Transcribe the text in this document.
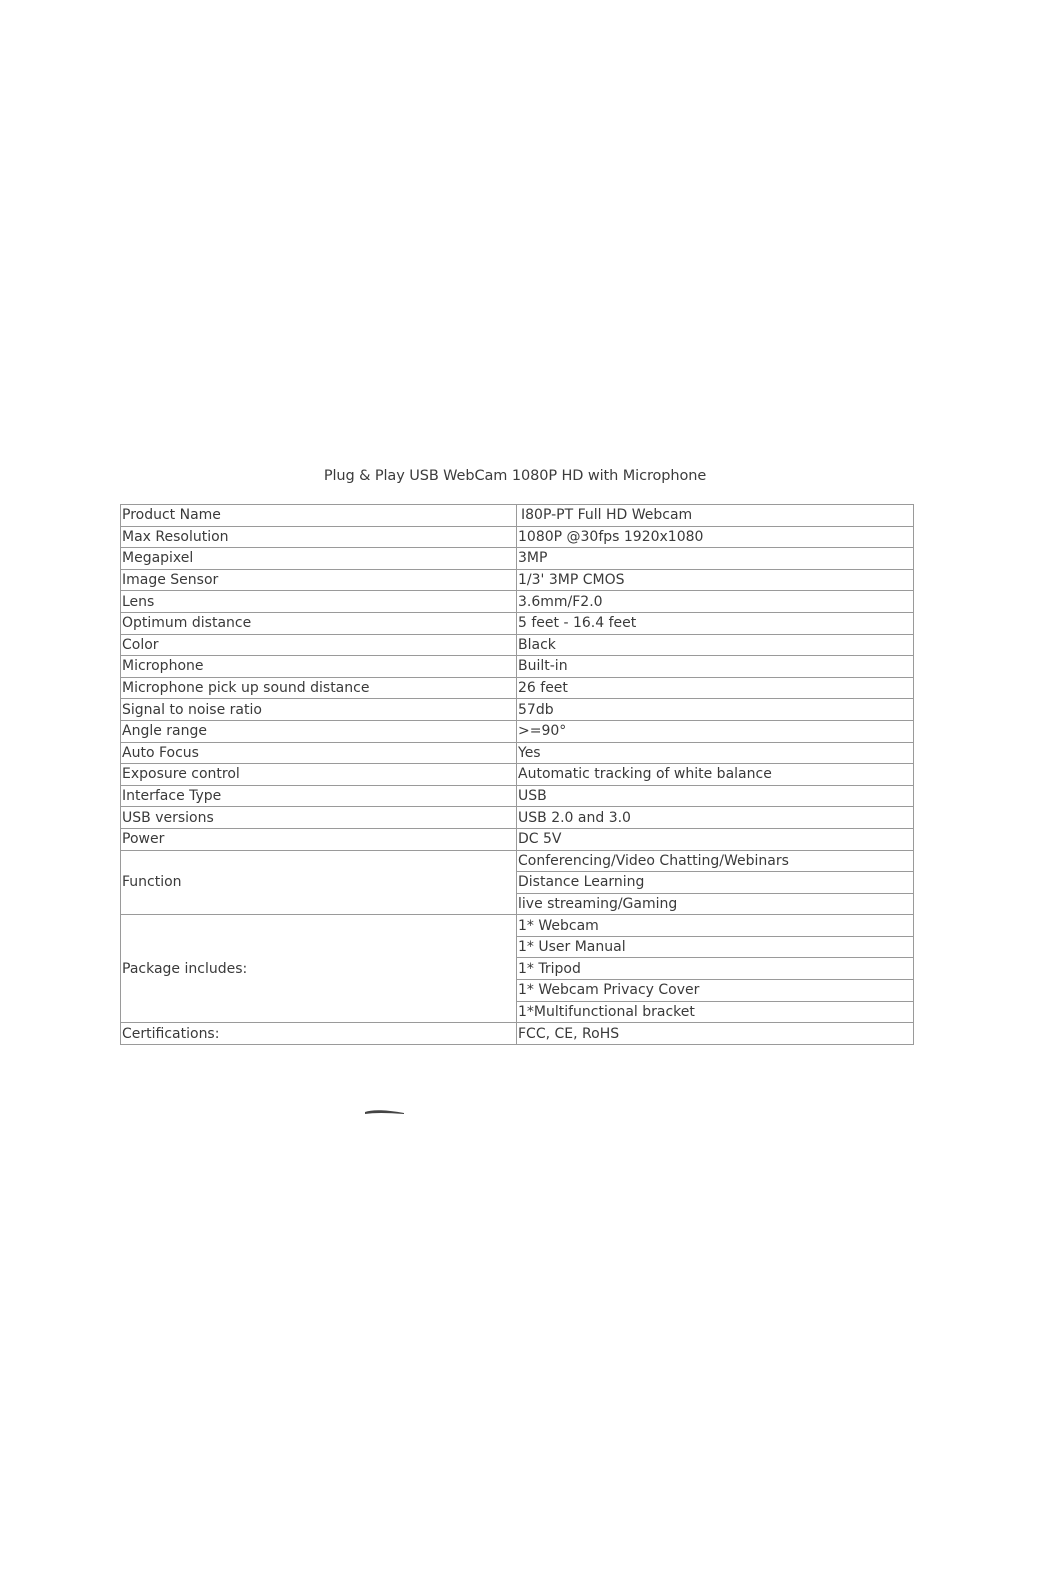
Plug & Play USB WebCam 1080P HD with Microphone
Product Name	I80P-PT Full HD Webcam
Max Resolution	1080P @30fps 1920x1080
Megapixel	3MP
Image Sensor	1/3' 3MP CMOS
Lens	3.6mm/F2.0
Optimum distance	5 feet - 16.4 feet
Color	Black
Microphone	Built-in
Microphone pick up sound distance	26 feet
Signal to noise ratio	57db
Angle range	>=90°
Auto Focus	Yes
Exposure control	Automatic tracking of white balance
Interface Type	USB
USB versions	USB 2.0 and 3.0
Power	DC 5V
Function	Conferencing/Video Chatting/Webinars
	Distance Learning
	live streaming/Gaming
Package includes:	1* Webcam
	1* User Manual
	1* Tripod
	1* Webcam Privacy Cover
	1*Multifunctional bracket
Certifications:	FCC, CE, RoHS
